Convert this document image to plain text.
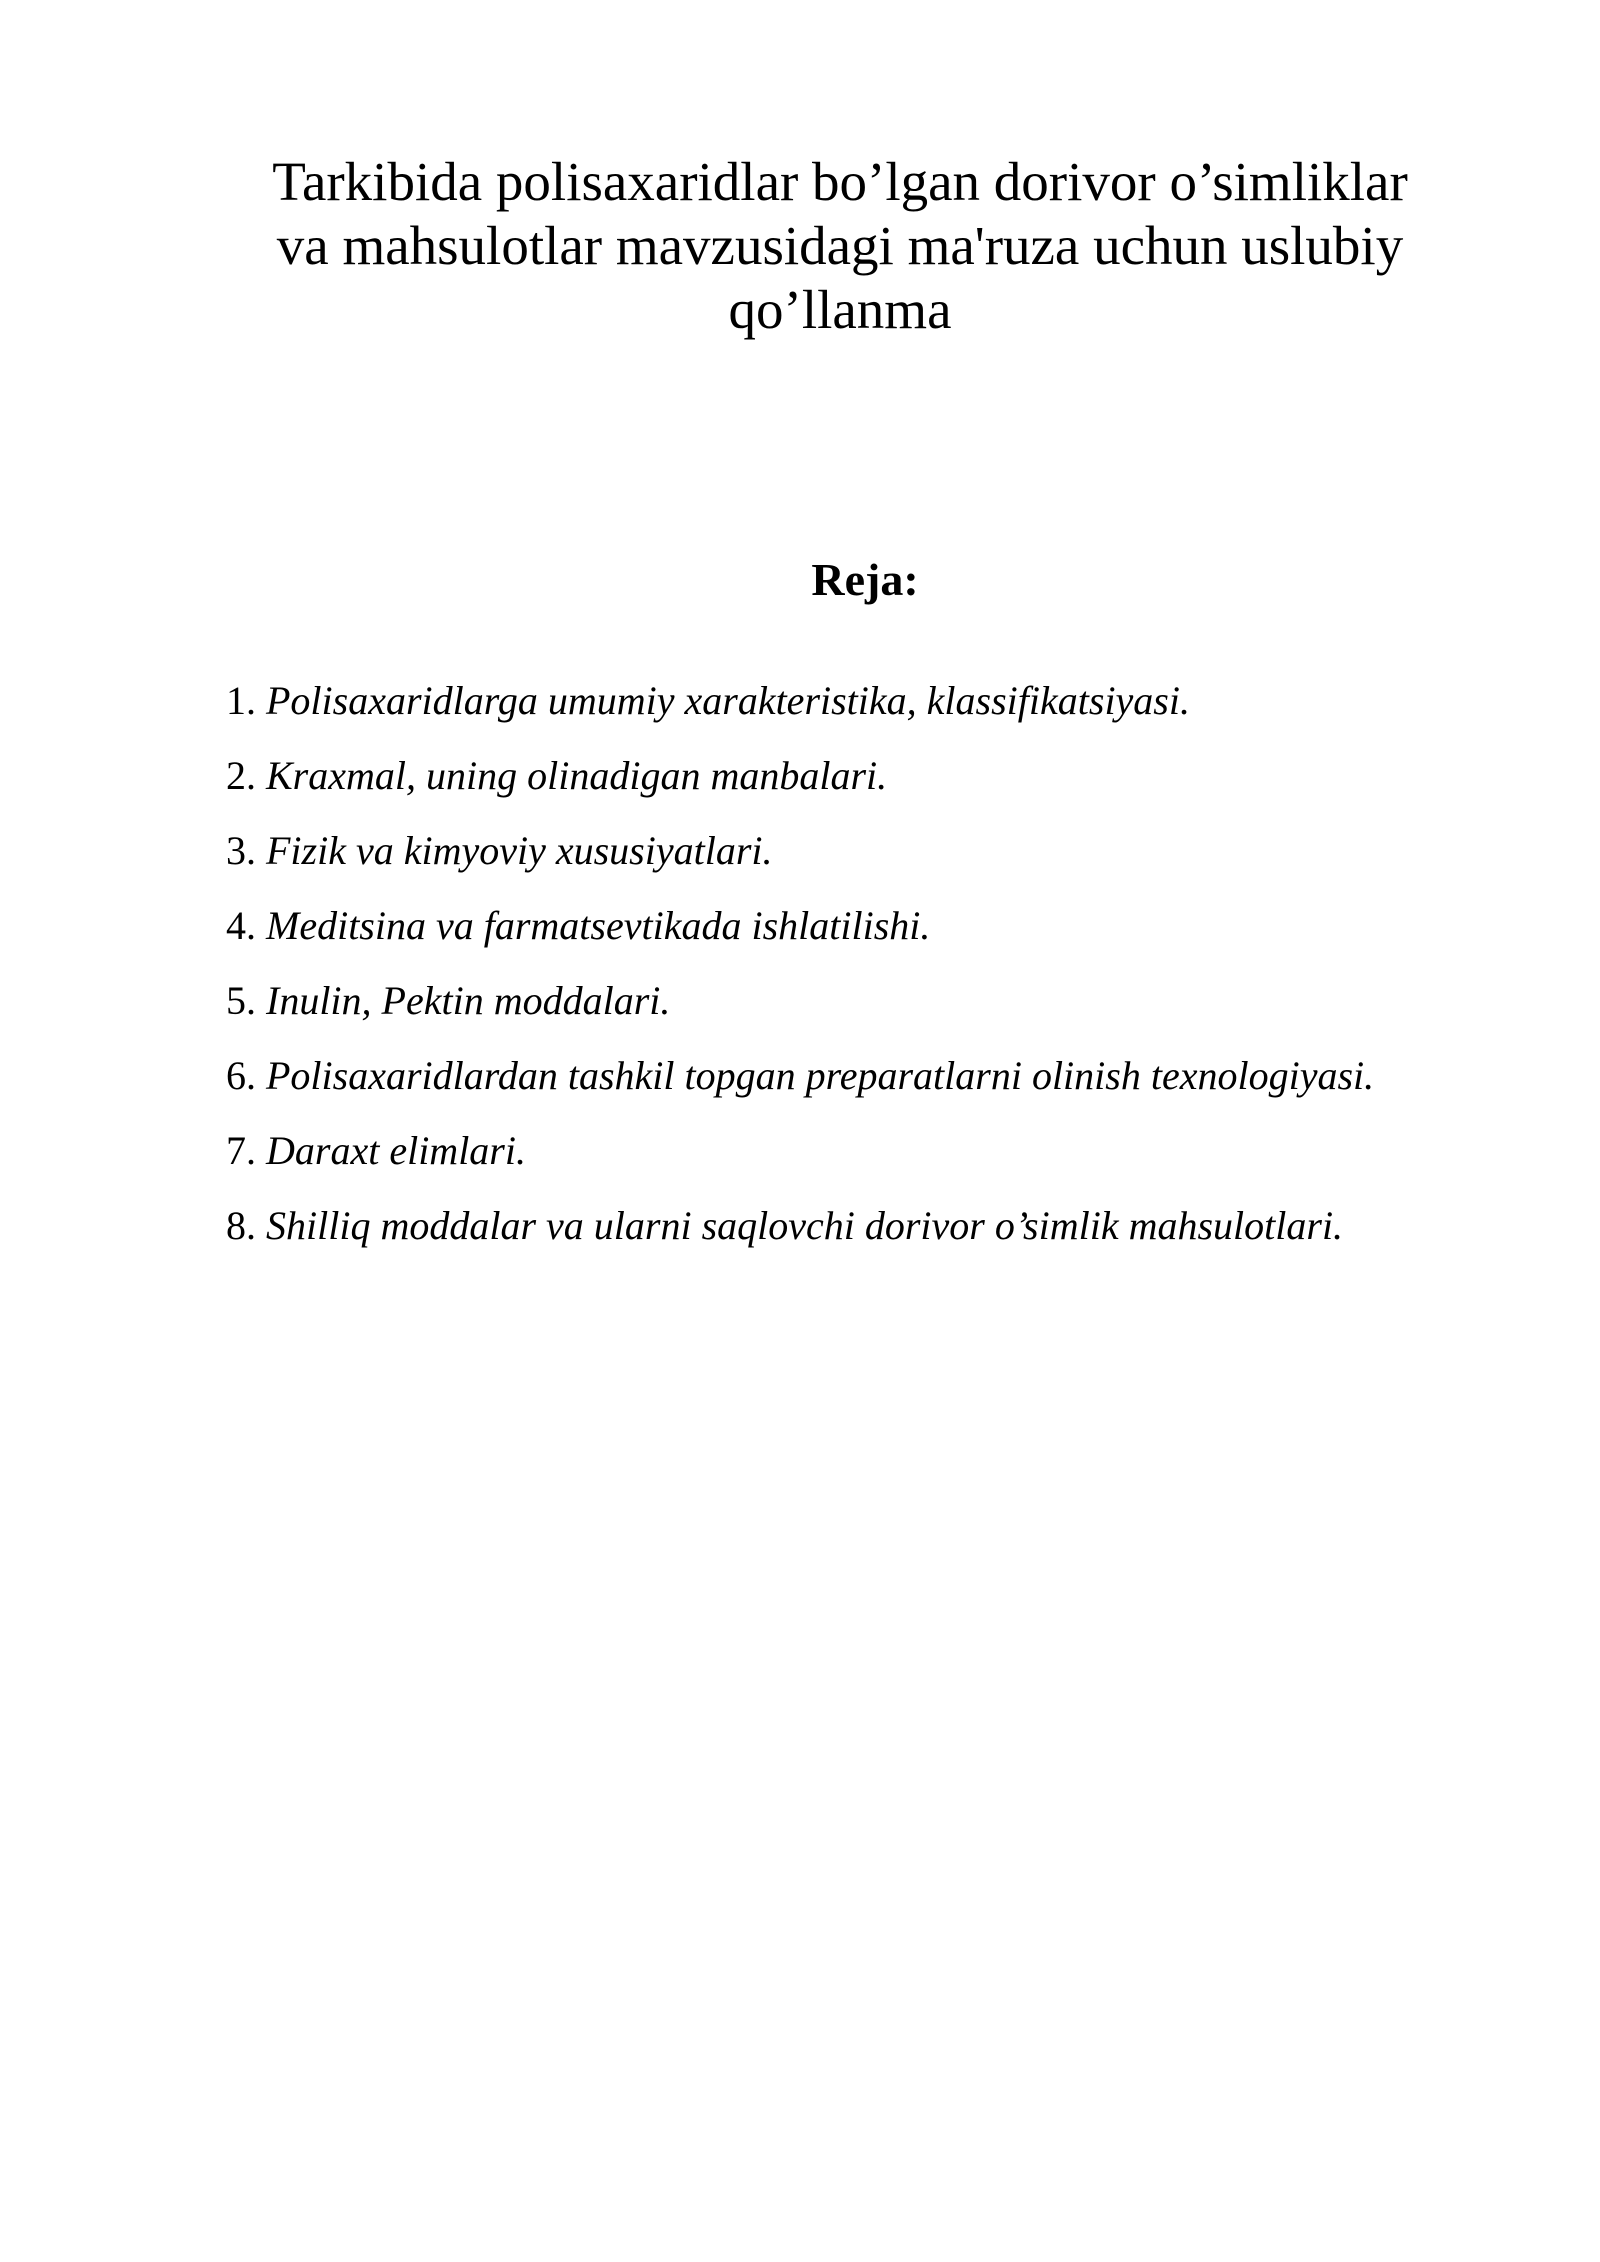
Tarkibida polisaxaridlar bo’lgan dorivor o’simliklar
va mahsulotlar mavzusidagi ma'ruza uchun uslubiy
qo’llanma
Reja:
1. Polisaxaridlarga umumiy xarakteristika, klassifikatsiyasi.
2. Kraxmal, uning olinadigan manbalari.
3. Fizik va kimyoviy xususiyatlari.
4. Meditsina va farmatsevtikada ishlatilishi.
5. Inulin, Pektin moddalari.
6. Polisaxaridlardan tashkil topgan preparatlarni olinish texnologiyasi.
7. Daraxt elimlari.
8. Shilliq moddalar va ularni saqlovchi dorivor o’simlik mahsulotlari.
